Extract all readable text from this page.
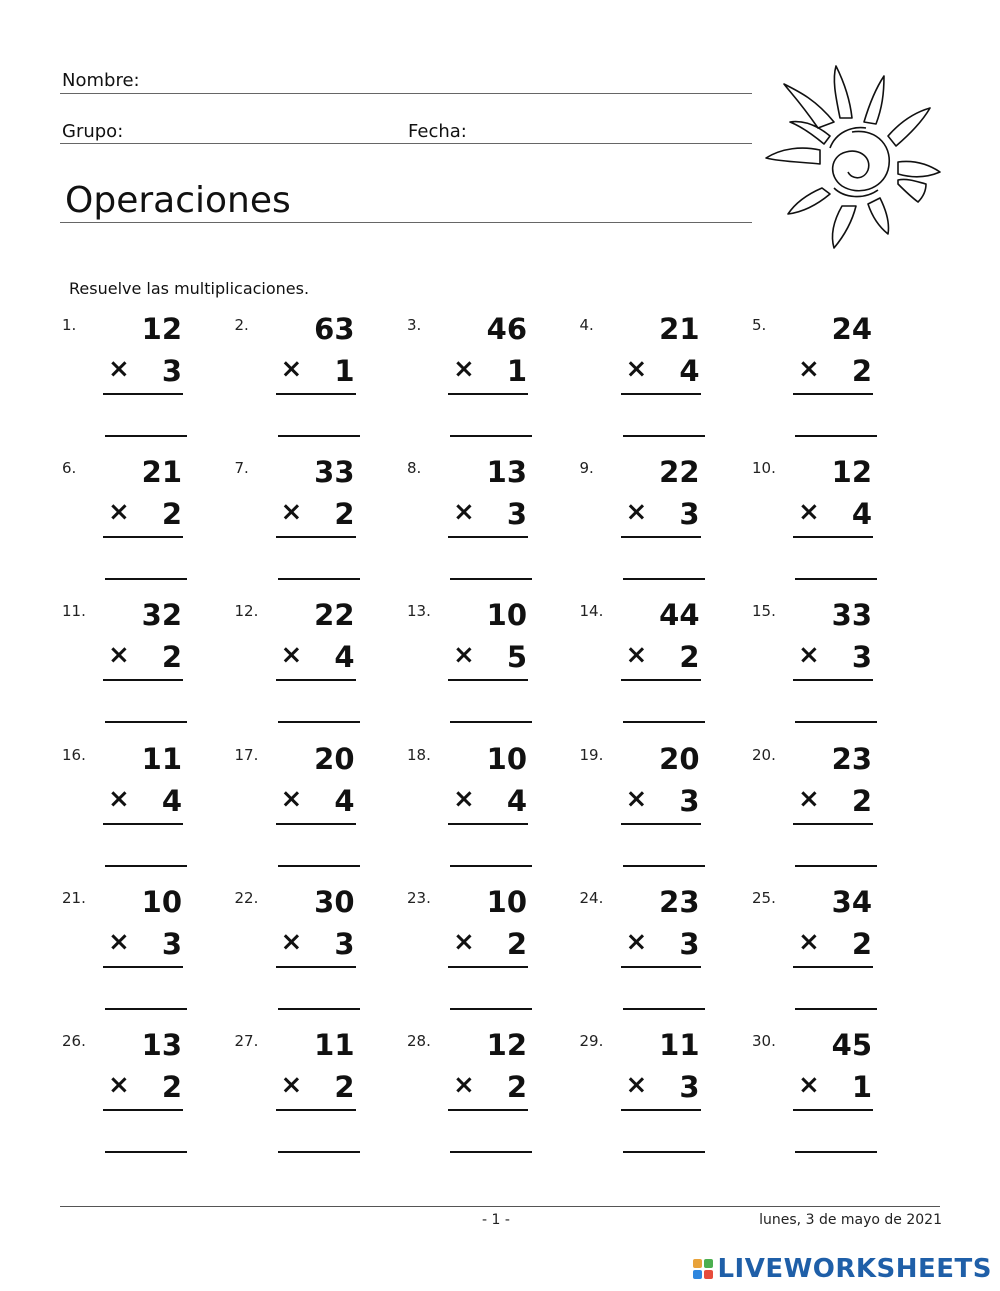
Nombre:
Grupo:	Fecha:
Operaciones
Resuelve las multiplicaciones.
1. 12
× 3
2. 63
× 1
3. 46
× 1
4. 21
× 4
5. 24
× 2
6. 21
× 2
7. 33
× 2
8. 13
× 3
9. 22
× 3
10. 12
× 4
11. 32
× 2
12. 22
× 4
13. 10
× 5
14. 44
× 2
15. 33
× 3
16. 11
× 4
17. 20
× 4
18. 10
× 4
19. 20
× 3
20. 23
× 2
21. 10
× 3
22. 30
× 3
23. 10
× 2
24. 23
× 3
25. 34
× 2
26. 13
× 2
27. 11
× 2
28. 12
× 2
29. 11
× 3
30. 45
× 1
- 1 -	lunes, 3 de mayo de 2021
LIVEWORKSHEETS
